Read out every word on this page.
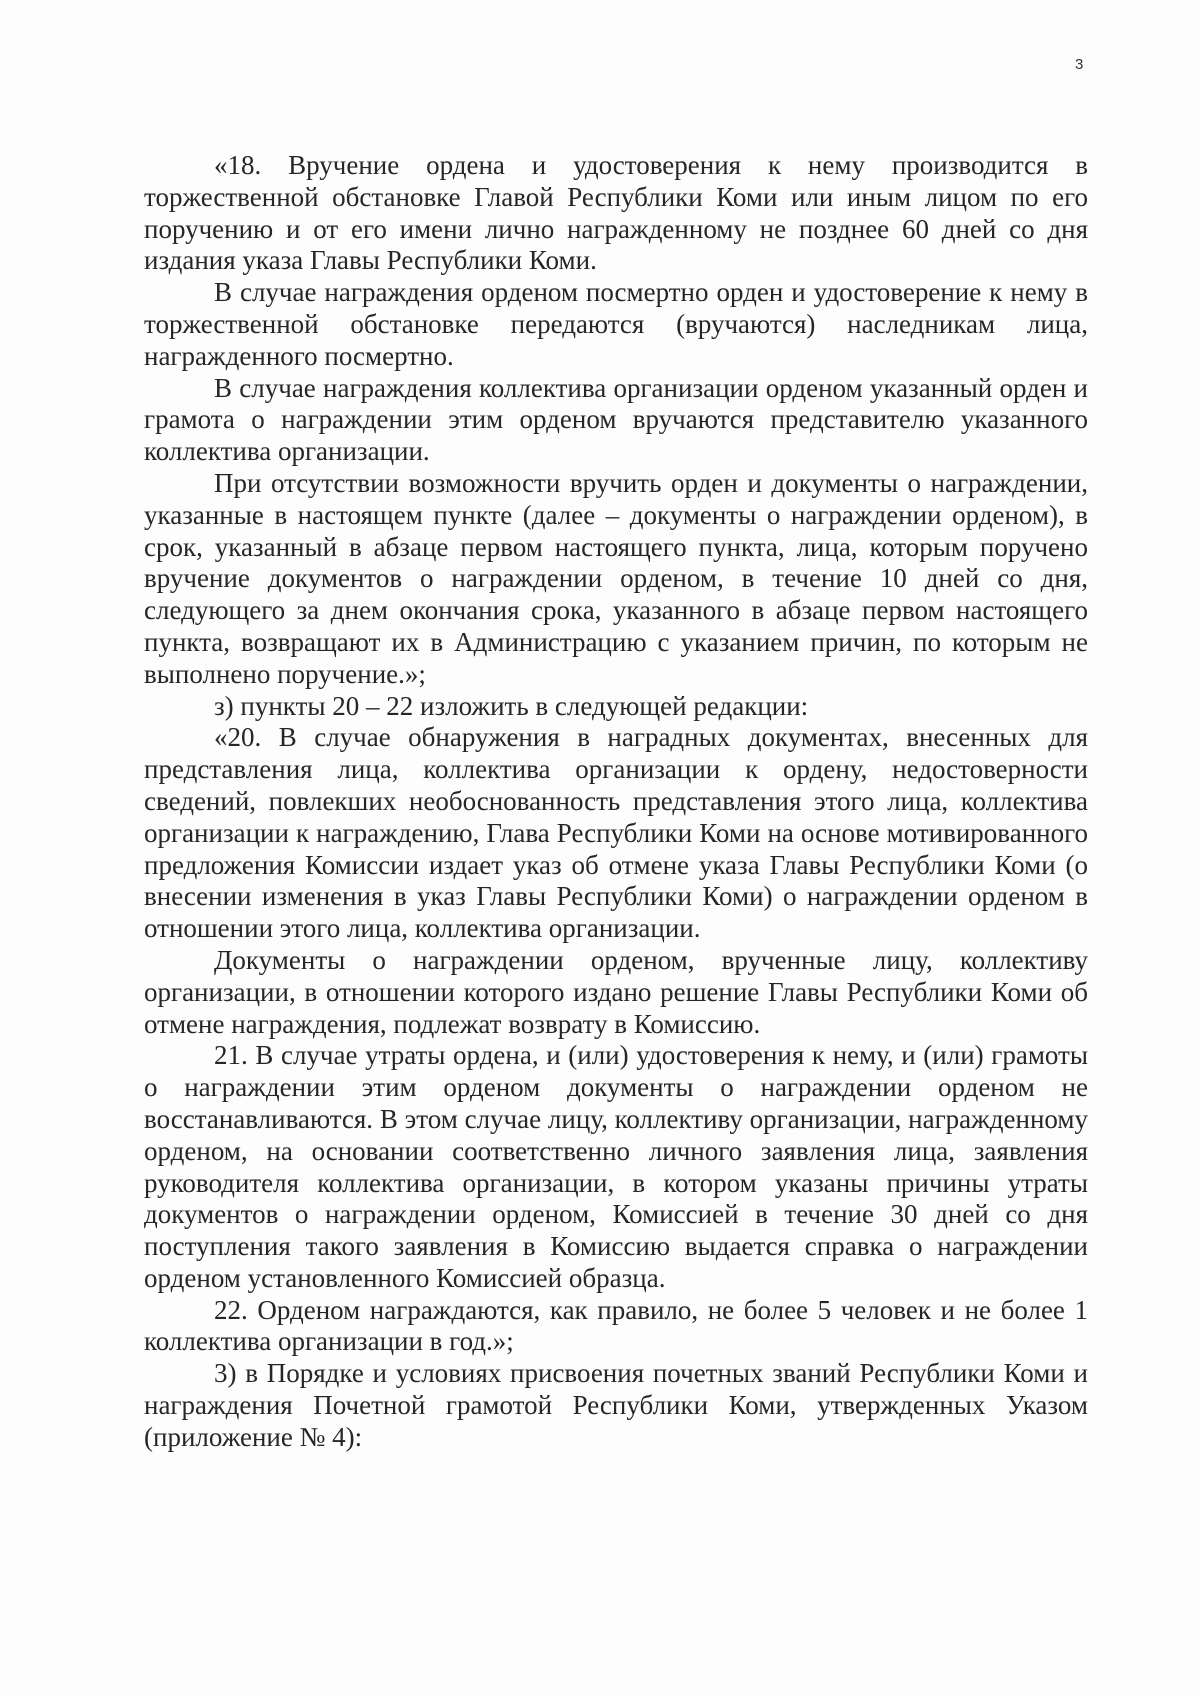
3

«18. Вручение ордена и удостоверения к нему производится в торжественной обстановке Главой Республики Коми или иным лицом по его поручению и от его имени лично награжденному не позднее 60 дней со дня издания указа Главы Республики Коми.

В случае награждения орденом посмертно орден и удостоверение к нему в торжественной обстановке передаются (вручаются) наследникам лица, награжденного посмертно.

В случае награждения коллектива организации орденом указанный орден и грамота о награждении этим орденом вручаются представителю указанного коллектива организации.

При отсутствии возможности вручить орден и документы о награждении, указанные в настоящем пункте (далее – документы о награждении орденом), в срок, указанный в абзаце первом настоящего пункта, лица, которым поручено вручение документов о награждении орденом, в течение 10 дней со дня, следующего за днем окончания срока, указанного в абзаце первом настоящего пункта, возвращают их в Администрацию с указанием причин, по которым не выполнено поручение.»;

з) пункты 20 – 22 изложить в следующей редакции:

«20. В случае обнаружения в наградных документах, внесенных для представления лица, коллектива организации к ордену, недостоверности сведений, повлекших необоснованность представления этого лица, коллектива организации к награждению, Глава Республики Коми на основе мотивированного предложения Комиссии издает указ об отмене указа Главы Республики Коми (о внесении изменения в указ Главы Республики Коми) о награждении орденом в отношении этого лица, коллектива организации.

Документы о награждении орденом, врученные лицу, коллективу организации, в отношении которого издано решение Главы Республики Коми об отмене награждения, подлежат возврату в Комиссию.

21. В случае утраты ордена, и (или) удостоверения к нему, и (или) грамоты о награждении этим орденом документы о награждении орденом не восстанавливаются. В этом случае лицу, коллективу организации, награжденному орденом, на основании соответственно личного заявления лица, заявления руководителя коллектива организации, в котором указаны причины утраты документов о награждении орденом, Комиссией в течение 30 дней со дня поступления такого заявления в Комиссию выдается справка о награждении орденом установленного Комиссией образца.

22. Орденом награждаются, как правило, не более 5 человек и не более 1 коллектива организации в год.»;

3) в Порядке и условиях присвоения почетных званий Республики Коми и награждения Почетной грамотой Республики Коми, утвержденных Указом (приложение № 4):
